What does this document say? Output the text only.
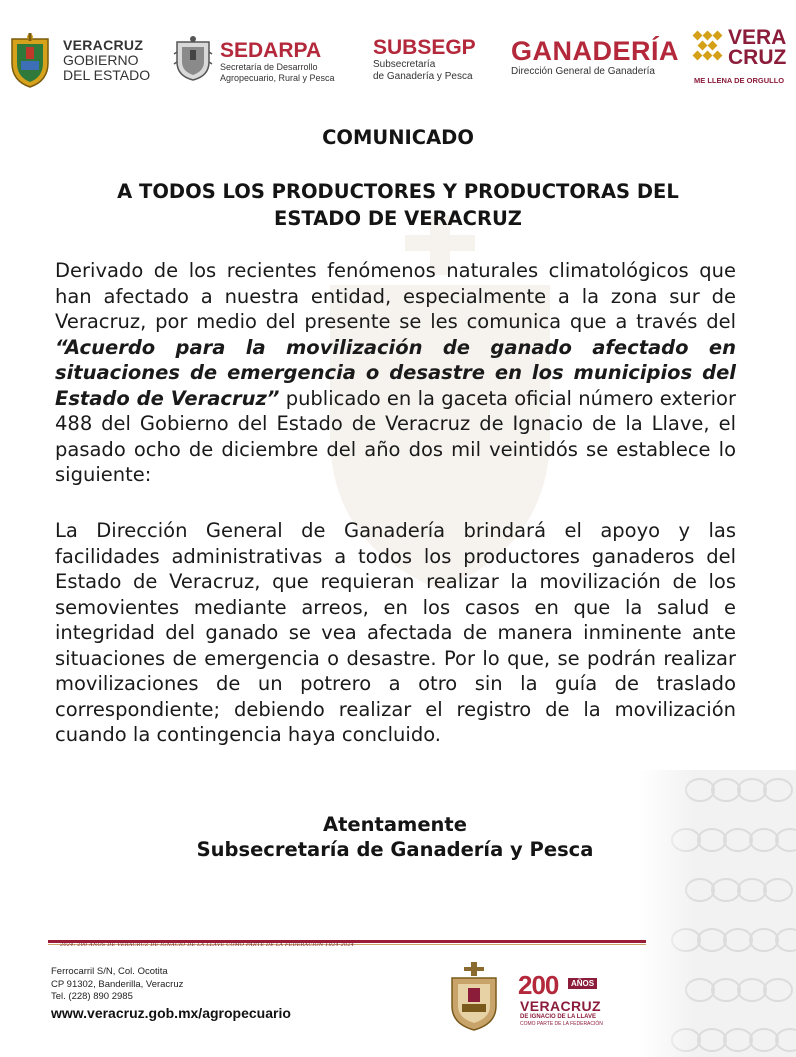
VERACRUZ
GOBIERNO
DEL ESTADO
SEDARPA
Secretaría de Desarrollo
Agropecuario, Rural y Pesca
SUBSEGP
Subsecretaría
de Ganadería y Pesca
GANADERÍA
Dirección General de Ganadería
VERA
CRUZ
ME LLENA DE ORGULLO
COMUNICADO
A TODOS LOS PRODUCTORES Y PRODUCTORAS DEL ESTADO DE VERACRUZ
Derivado de los recientes fenómenos naturales climatológicos que han afectado a nuestra entidad, especialmente a la zona sur de Veracruz, por medio del presente se les comunica que a través del “Acuerdo para la movilización de ganado afectado en situaciones de emergencia o desastre en los municipios del Estado de Veracruz” publicado en la gaceta oficial número exterior 488 del Gobierno del Estado de Veracruz de Ignacio de la Llave, el pasado ocho de diciembre del año dos mil veintidós se establece lo siguiente:
La Dirección General de Ganadería brindará el apoyo y las facilidades administrativas a todos los productores ganaderos del Estado de Veracruz, que requieran realizar la movilización de los semovientes mediante arreos, en los casos en que la salud e integridad del ganado se vea afectada de manera inminente ante situaciones de emergencia o desastre. Por lo que, se podrán realizar movilizaciones de un potrero a otro sin la guía de traslado correspondiente; debiendo realizar el registro de la movilización cuando la contingencia haya concluido.
Atentamente
Subsecretaría de Ganadería y Pesca
2024: 200 AÑOS DE VERACRUZ DE IGNACIO DE LA LLAVE COMO PARTE DE LA FEDERACIÓN 1824-2024
Ferrocarril S/N, Col. Ocotita
CP 91302, Banderilla, Veracruz
Tel. (228) 890 2985
www.veracruz.gob.mx/agropecuario
200	AÑOS
VERACRUZ
DE IGNACIO DE LA LLAVE
COMO PARTE DE LA FEDERACIÓN
